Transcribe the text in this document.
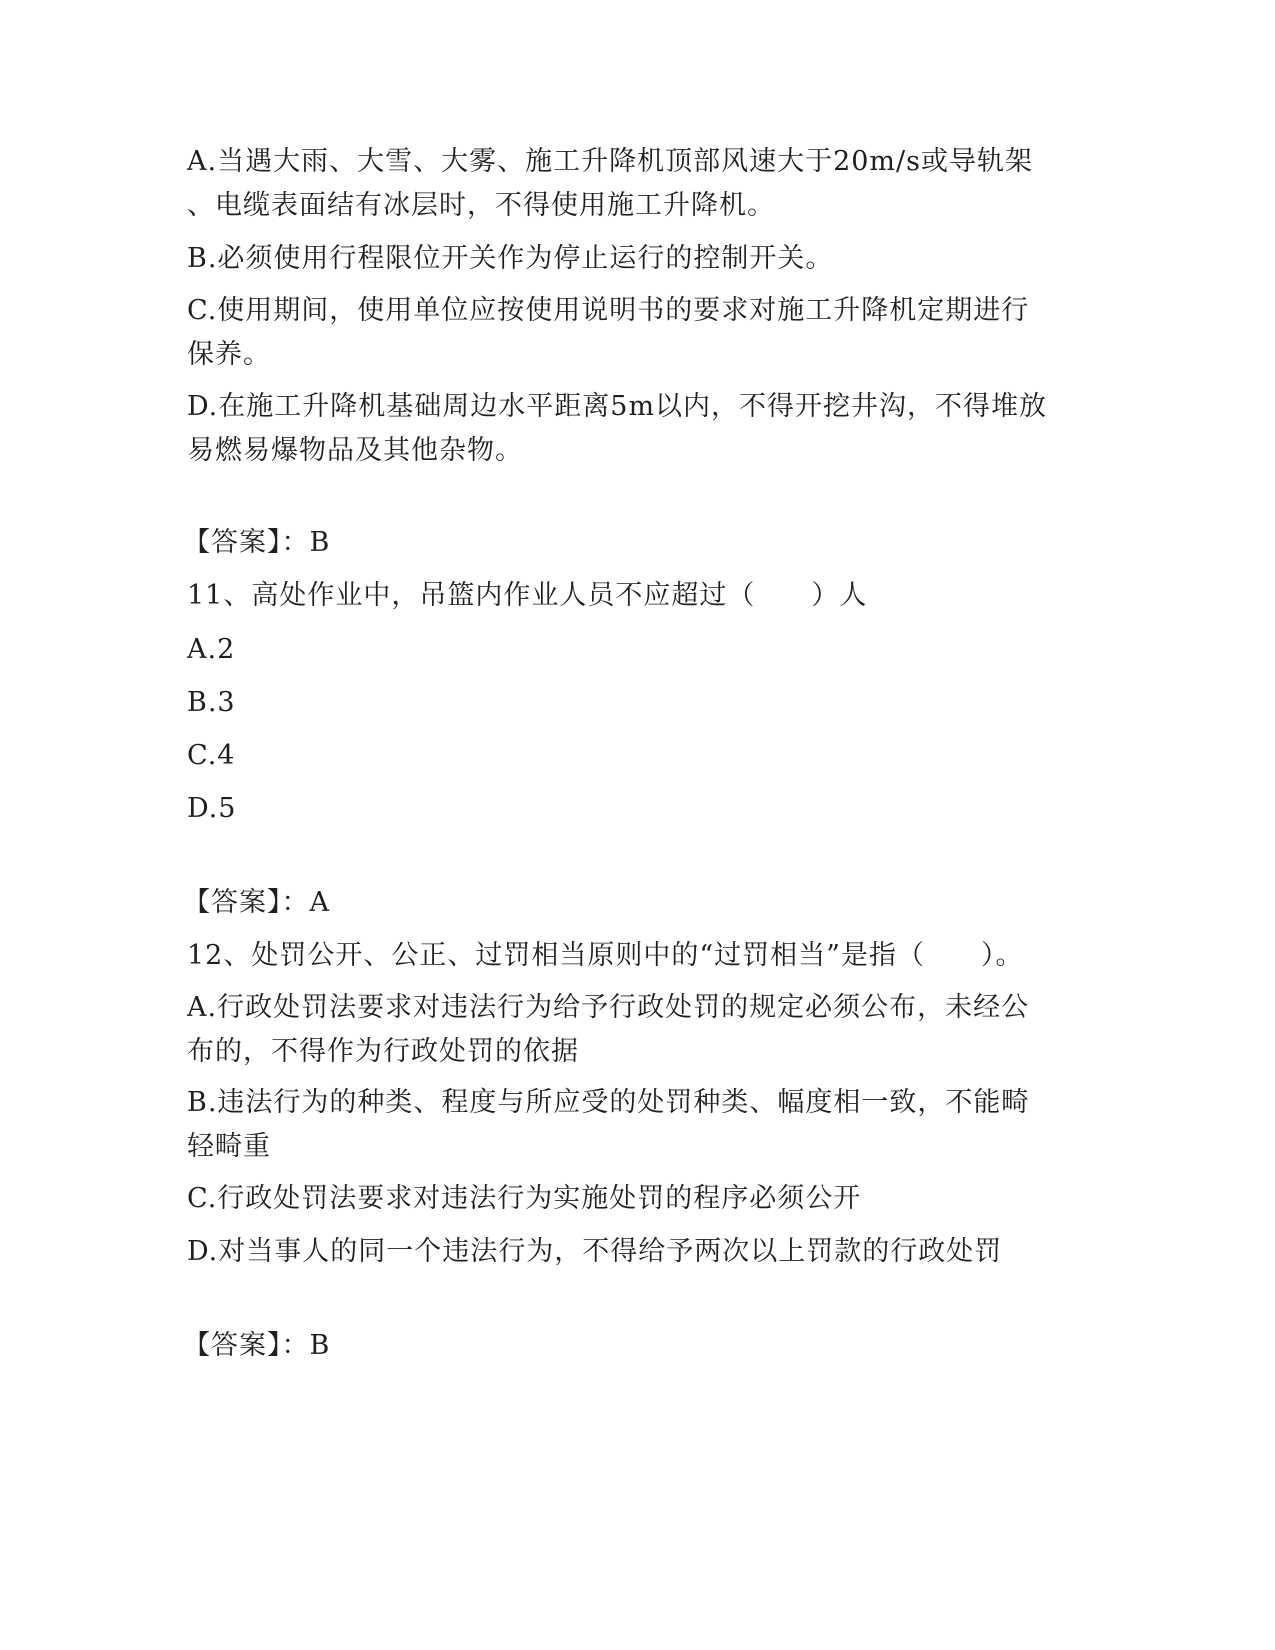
A.当遇大雨、大雪、大雾、施工升降机顶部风速大于20m/s或导轨架
、电缆表面结有冰层时，不得使用施工升降机。
B.必须使用行程限位开关作为停止运行的控制开关。
C.使用期间，使用单位应按使用说明书的要求对施工升降机定期进行
保养。
D.在施工升降机基础周边水平距离5m以内，不得开挖井沟，不得堆放
易燃易爆物品及其他杂物。
【答案】：B
11、高处作业中，吊篮内作业人员不应超过（　　）人
A.2
B.3
C.4
D.5
【答案】：A
12、处罚公开、公正、过罚相当原则中的“过罚相当”是指（　　）。
A.行政处罚法要求对违法行为给予行政处罚的规定必须公布，未经公
布的，不得作为行政处罚的依据
B.违法行为的种类、程度与所应受的处罚种类、幅度相一致，不能畸
轻畸重
C.行政处罚法要求对违法行为实施处罚的程序必须公开
D.对当事人的同一个违法行为，不得给予两次以上罚款的行政处罚
【答案】：B
